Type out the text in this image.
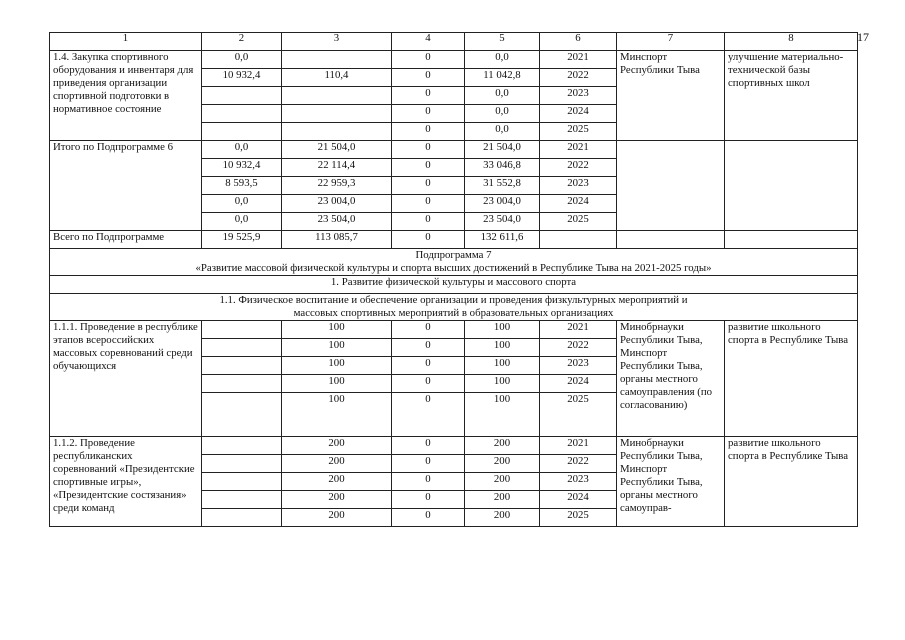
17
1	2	3	4	5	6	7	8
1.4. Закупка спортивного оборудования и инвентаря для приведения организации спортивной подготовки в нормативное состояние	0,0		0	0,0	2021	Минспорт Республики Тыва	улучшение материально-технической базы спортивных школ
	10 932,4	110,4	0	11 042,8	2022		
			0	0,0	2023		
			0	0,0	2024		
			0	0,0	2025		
Итого по Подпрограмме 6	0,0	21 504,0	0	21 504,0	2021		
	10 932,4	22 114,4	0	33 046,8	2022		
	8 593,5	22 959,3	0	31 552,8	2023		
	0,0	23 004,0	0	23 004,0	2024		
	0,0	23 504,0	0	23 504,0	2025		
Всего по Подпрограмме	19 525,9	113 085,7	0	132 611,6			

Подпрограмма 7
«Развитие массовой физической культуры и спорта высших достижений в Республике Тыва на 2021-2025 годы»							

1. Развитие физической культуры и массового спорта							

1.1. Физическое воспитание и обеспечение организации и проведения физкультурных мероприятий и
массовых спортивных мероприятий в образовательных организациях							

1.1.1. Проведение в республике этапов всероссийских массовых соревнований среди обучающихся		100	0	100	2021	Минобрнауки Республики Тыва, Минспорт Республики Тыва, органы местного самоуправления (по согласованию)	развитие школьного спорта в Республике Тыва
		100	0	100	2022		
		100	0	100	2023		
		100	0	100	2024		
		100	0	100	2025		
1.1.2. Проведение республиканских соревнований «Президентские спортивные игры», «Президентские состязания» среди команд		200	0	200	2021	Минобрнауки Республики Тыва, Минспорт Республики Тыва, органы местного самоуправ-	развитие школьного спорта в Республике Тыва
		200	0	200	2022		
		200	0	200	2023		
		200	0	200	2024		
		200	0	200	2025		
